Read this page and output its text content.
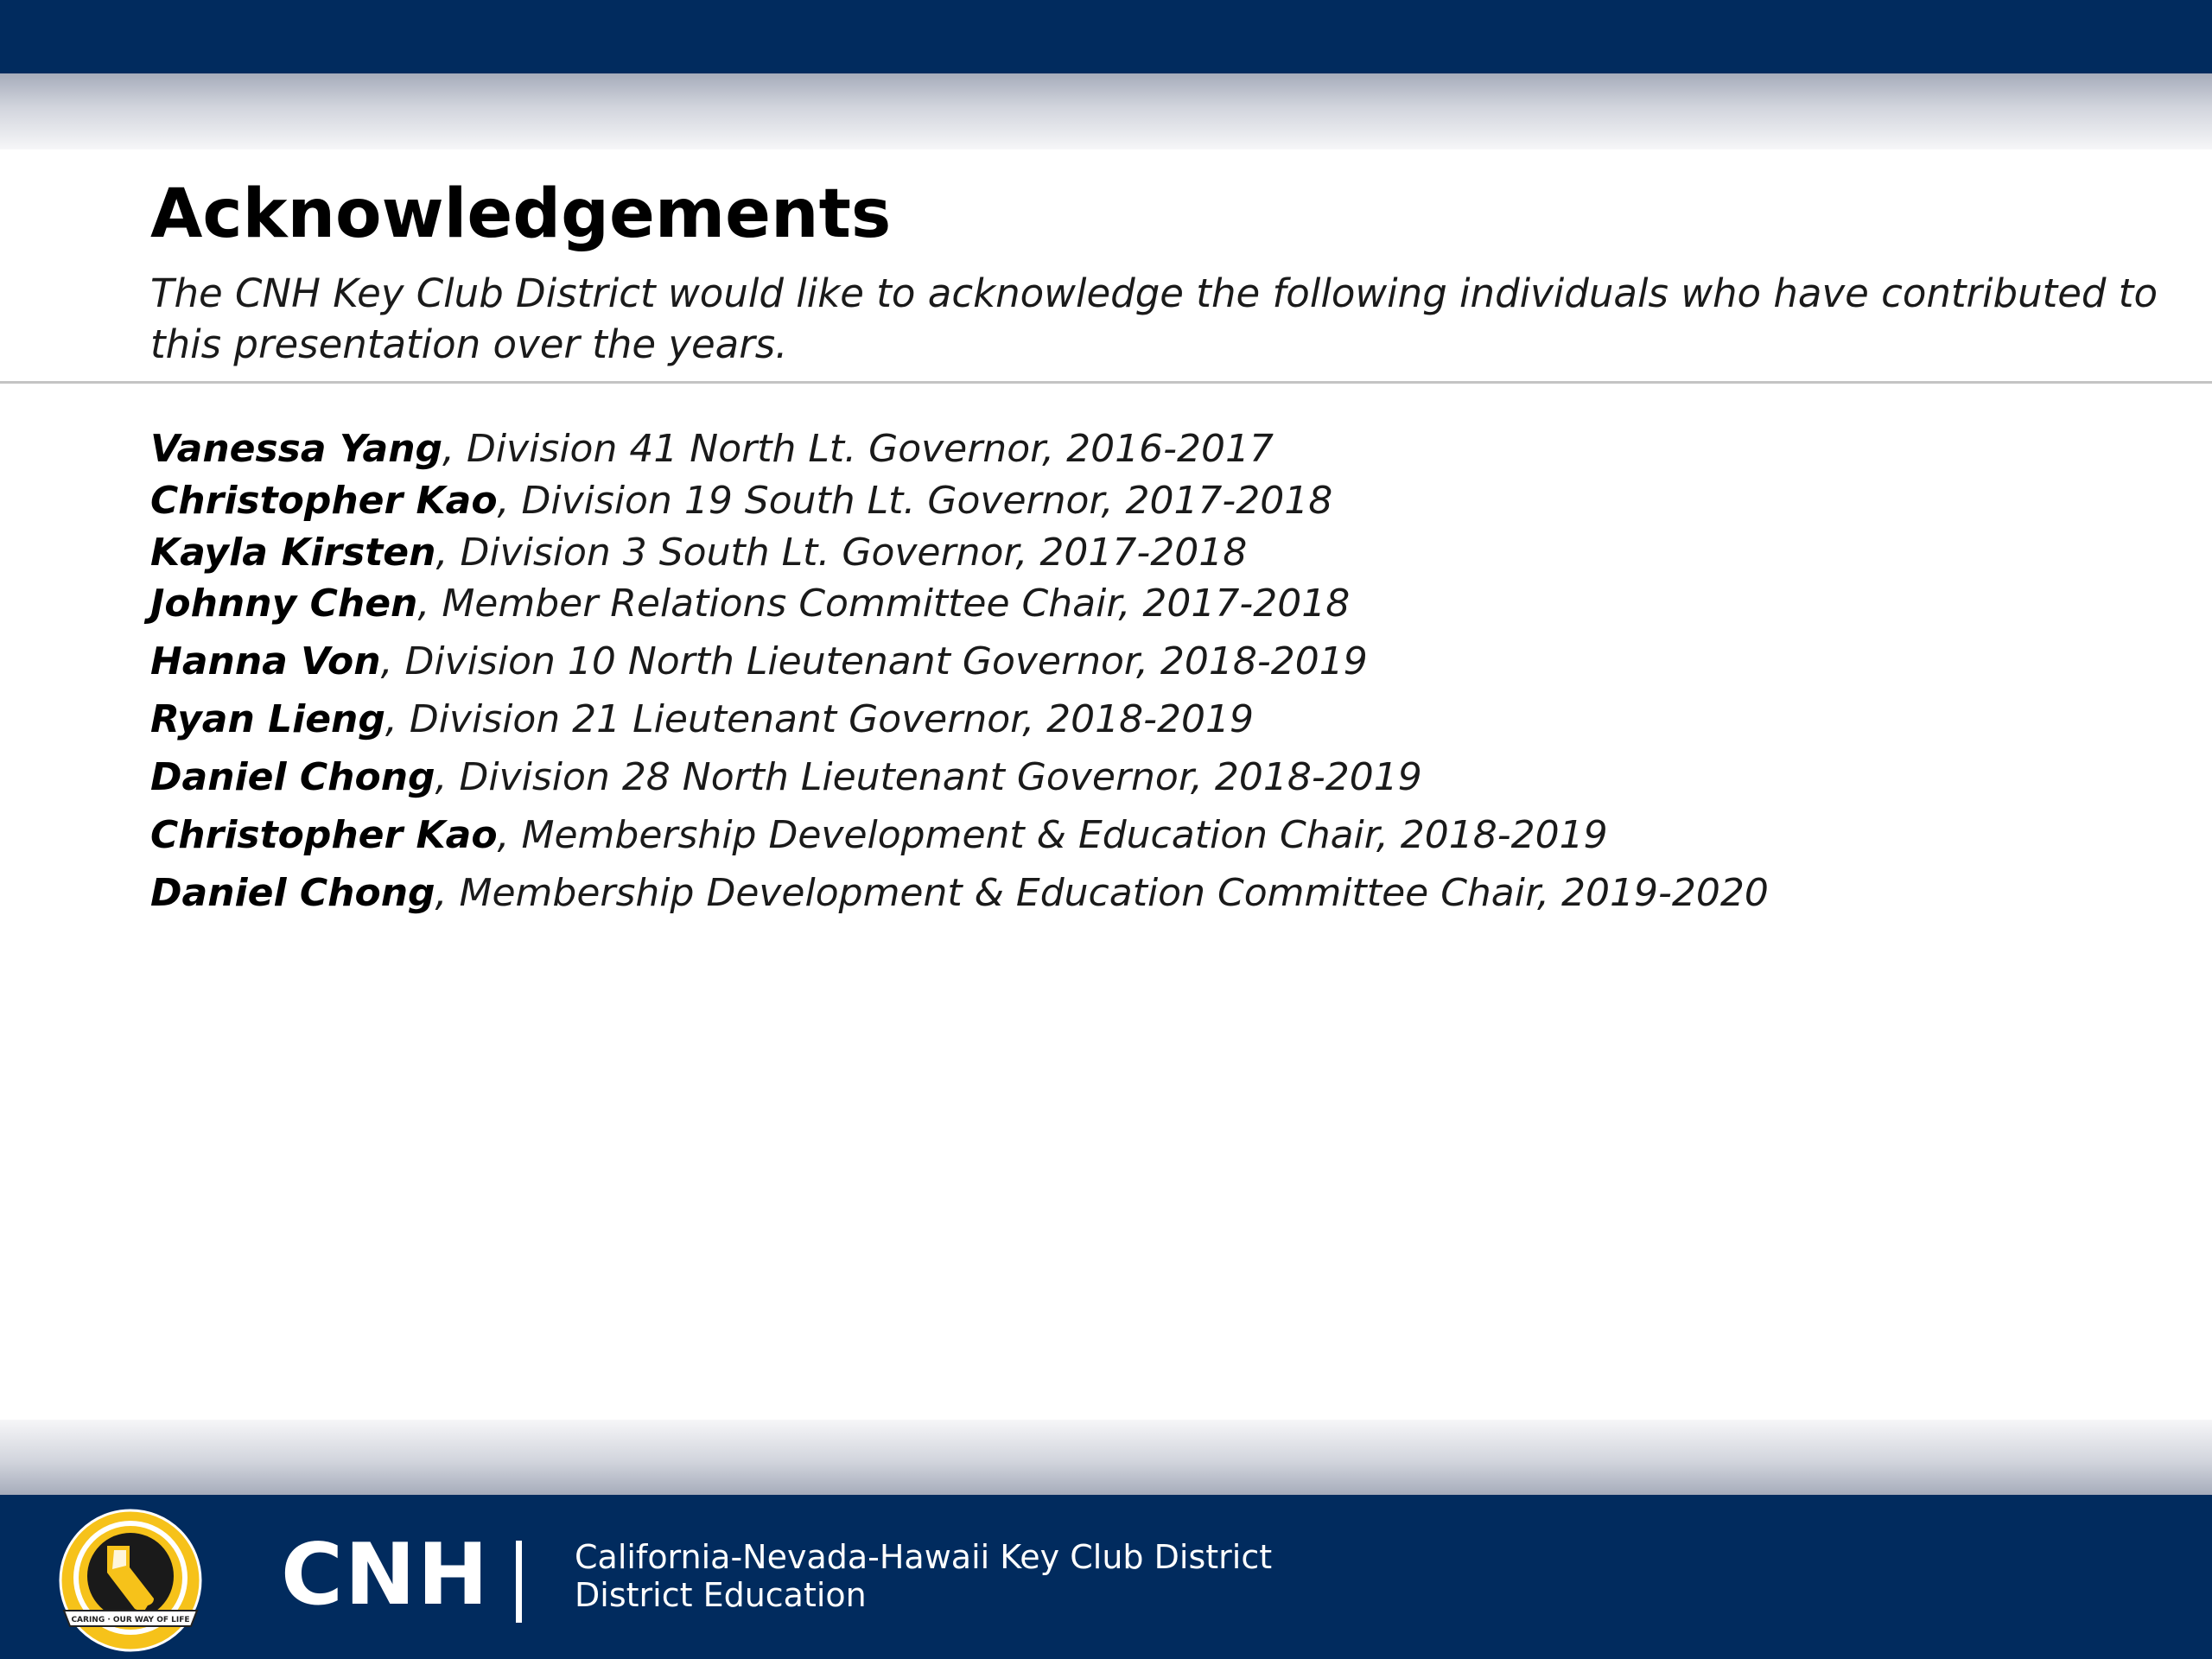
Acknowledgements

The CNH Key Club District would like to acknowledge the following individuals who have contributed to this presentation over the years.

Vanessa Yang, Division 41 North Lt. Governor, 2016-2017
Christopher Kao, Division 19 South Lt. Governor, 2017-2018
Kayla Kirsten, Division 3 South Lt. Governor, 2017-2018
Johnny Chen, Member Relations Committee Chair, 2017-2018
Hanna Von, Division 10 North Lieutenant Governor, 2018-2019
Ryan Lieng, Division 21 Lieutenant Governor, 2018-2019
Daniel Chong, Division 28 North Lieutenant Governor, 2018-2019
Christopher Kao, Membership Development & Education Chair, 2018-2019
Daniel Chong, Membership Development & Education Committee Chair, 2019-2020
CARING · OUR WAY OF LIFE CNH	California-Nevada-Hawaii Key Club District
District Education
